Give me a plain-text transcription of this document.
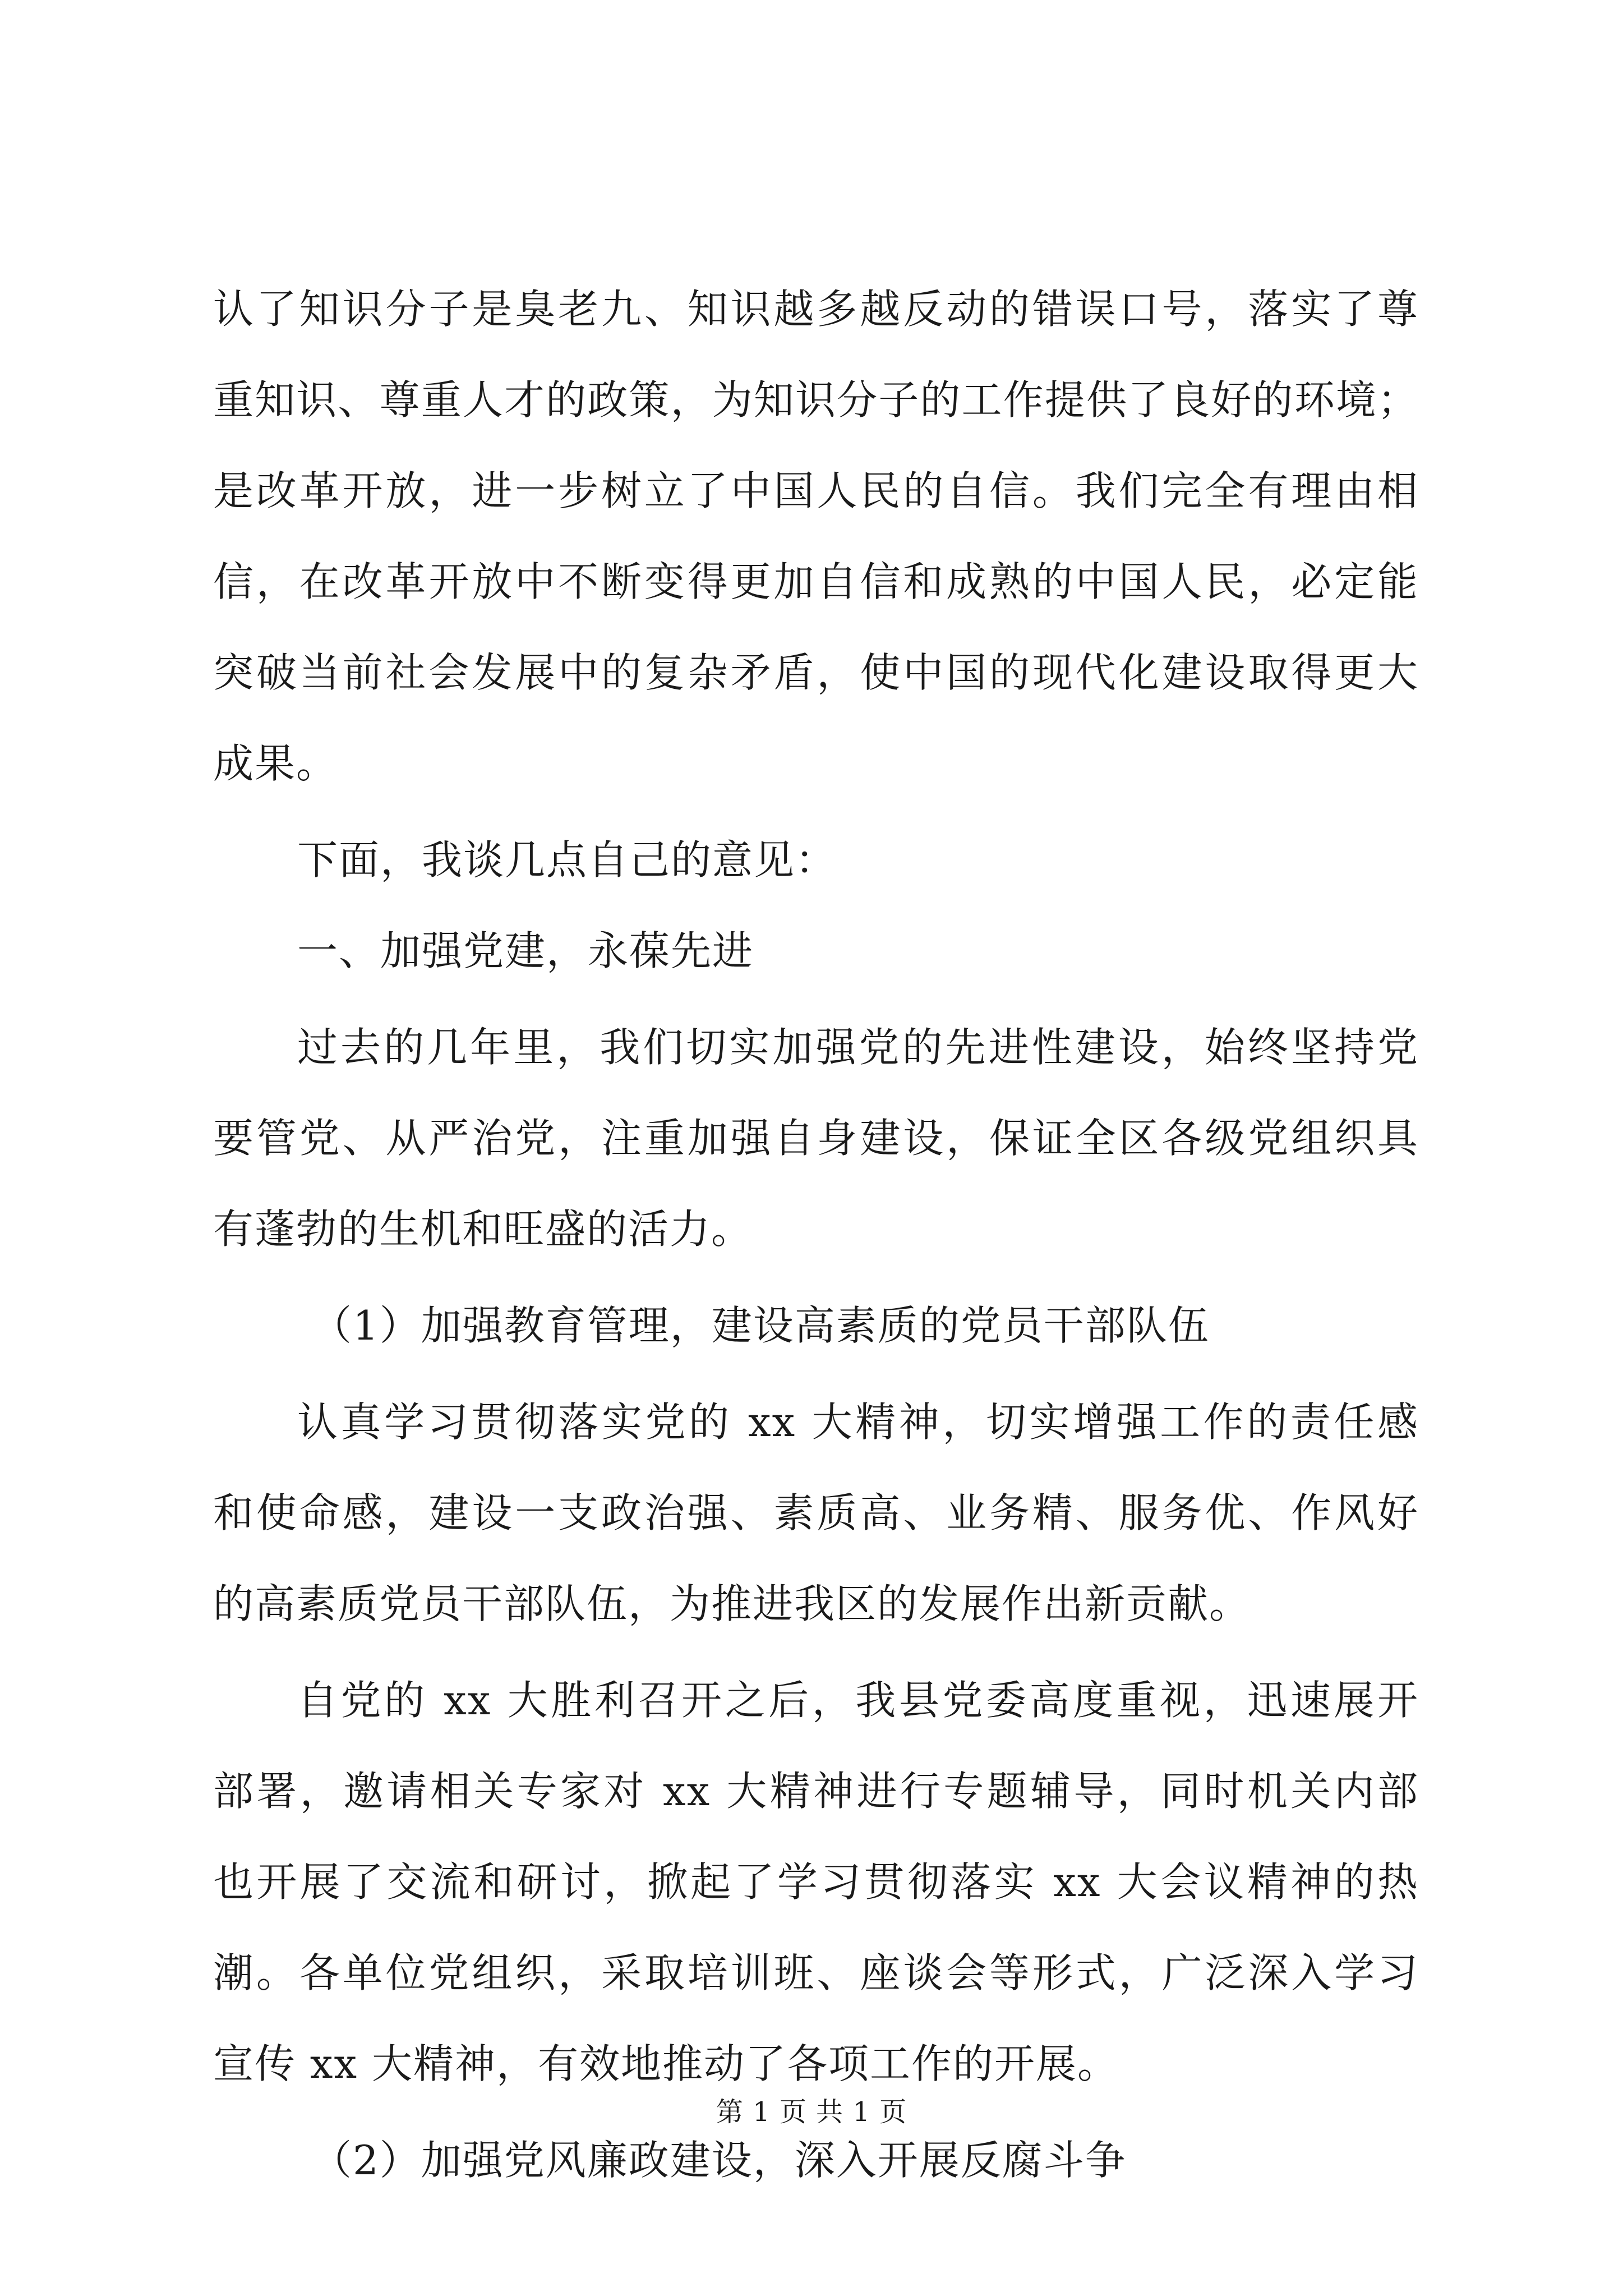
认了知识分子是臭老九、知识越多越反动的错误口号，落实了尊
重知识、尊重人才的政策，为知识分子的工作提供了良好的环境；
是改革开放，进一步树立了中国人民的自信。我们完全有理由相
信，在改革开放中不断变得更加自信和成熟的中国人民，必定能
突破当前社会发展中的复杂矛盾，使中国的现代化建设取得更大
成果。
下面，我谈几点自己的意见：
一、加强党建，永葆先进
过去的几年里，我们切实加强党的先进性建设，始终坚持党
要管党、从严治党，注重加强自身建设，保证全区各级党组织具
有蓬勃的生机和旺盛的活力。
（1）加强教育管理，建设高素质的党员干部队伍
认真学习贯彻落实党的 xx 大精神，切实增强工作的责任感
和使命感，建设一支政治强、素质高、业务精、服务优、作风好
的高素质党员干部队伍，为推进我区的发展作出新贡献。
自党的 xx 大胜利召开之后，我县党委高度重视，迅速展开
部署，邀请相关专家对 xx 大精神进行专题辅导，同时机关内部
也开展了交流和研讨，掀起了学习贯彻落实 xx 大会议精神的热
潮。各单位党组织，采取培训班、座谈会等形式，广泛深入学习
宣传 xx 大精神，有效地推动了各项工作的开展。
（2）加强党风廉政建设，深入开展反腐斗争
第 1 页 共 1 页
